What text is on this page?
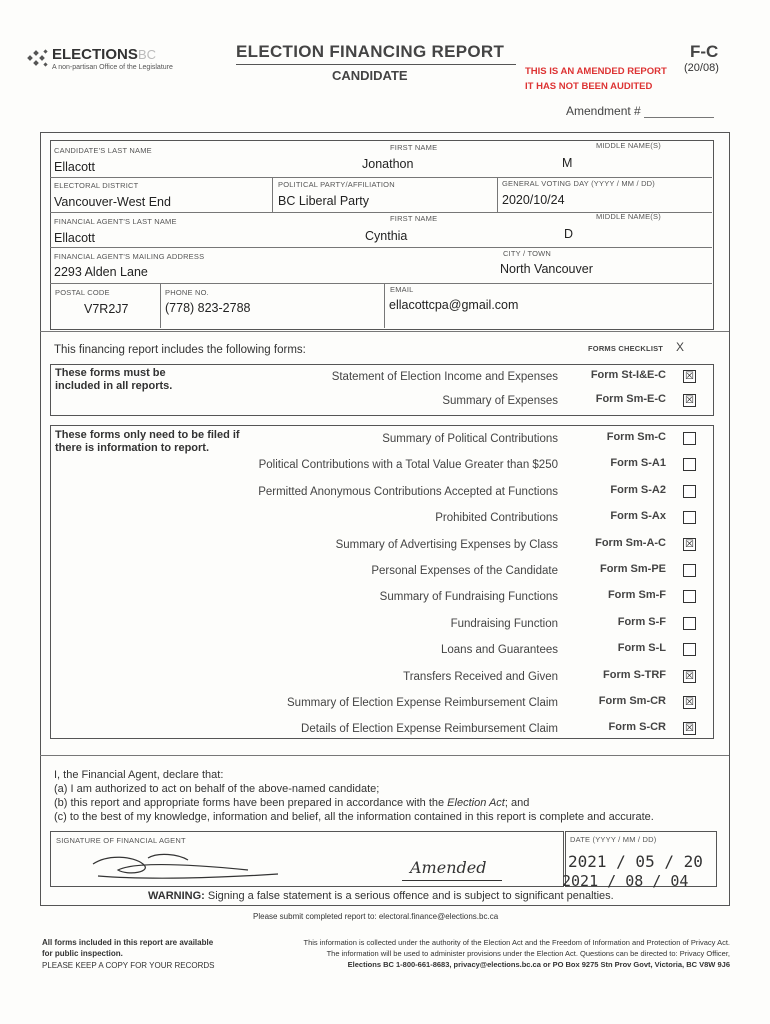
ELECTIONS BC
A non-partisan Office of the Legislature
ELECTION FINANCING REPORT
CANDIDATE
F-C
(20/08)
THIS IS AN AMENDED REPORT
IT HAS NOT BEEN AUDITED
Amendment #
CANDIDATE'S LAST NAME
Ellacott
FIRST NAME
Jonathon
MIDDLE NAME(S)
M
ELECTORAL DISTRICT
Vancouver-West End
POLITICAL PARTY/AFFILIATION
BC Liberal Party
GENERAL VOTING DAY (YYYY / MM / DD)
2020/10/24
FINANCIAL AGENT'S LAST NAME
Ellacott
FIRST NAME
Cynthia
MIDDLE NAME(S)
D
FINANCIAL AGENT'S MAILING ADDRESS
2293 Alden Lane
CITY / TOWN
North Vancouver
POSTAL CODE
V7R2J7
PHONE NO.
(778) 823-2788
EMAIL
ellacottcpa@gmail.com
This financing report includes the following forms:	FORMS CHECKLIST X
These forms must be included in all reports.
Statement of Election Income and Expenses	Form St-I&E-C ☒
Summary of Expenses	Form Sm-E-C ☒
These forms only need to be filed if there is information to report.
Summary of Political Contributions	Form Sm-C
Political Contributions with a Total Value Greater than $250	Form S-A1
Permitted Anonymous Contributions Accepted at Functions	Form S-A2
Prohibited Contributions	Form S-Ax
Summary of Advertising Expenses by Class	Form Sm-A-C ☒
Personal Expenses of the Candidate	Form Sm-PE
Summary of Fundraising Functions	Form Sm-F
Fundraising Function	Form S-F
Loans and Guarantees	Form S-L
Transfers Received and Given	Form S-TRF ☒
Summary of Election Expense Reimbursement Claim	Form Sm-CR ☒
Details of Election Expense Reimbursement Claim	Form S-CR ☒
I, the Financial Agent, declare that:
(a) I am authorized to act on behalf of the above-named candidate;
(b) this report and appropriate forms have been prepared in accordance with the Election Act; and
(c) to the best of my knowledge, information and belief, all the information contained in this report is complete and accurate.
SIGNATURE OF FINANCIAL AGENT
Amended
DATE (YYYY / MM / DD)
2021 / 05 / 20
2021 / 08 / 04
WARNING: Signing a false statement is a serious offence and is subject to significant penalties.
Please submit completed report to: electoral.finance@elections.bc.ca
All forms included in this report are available
for public inspection.
PLEASE KEEP A COPY FOR YOUR RECORDS
This information is collected under the authority of the Election Act and the Freedom of Information and Protection of Privacy Act.
The information will be used to administer provisions under the Election Act. Questions can be directed to: Privacy Officer,
Elections BC 1-800-661-8683, privacy@elections.bc.ca or PO Box 9275 Stn Prov Govt, Victoria, BC V8W 9J6
